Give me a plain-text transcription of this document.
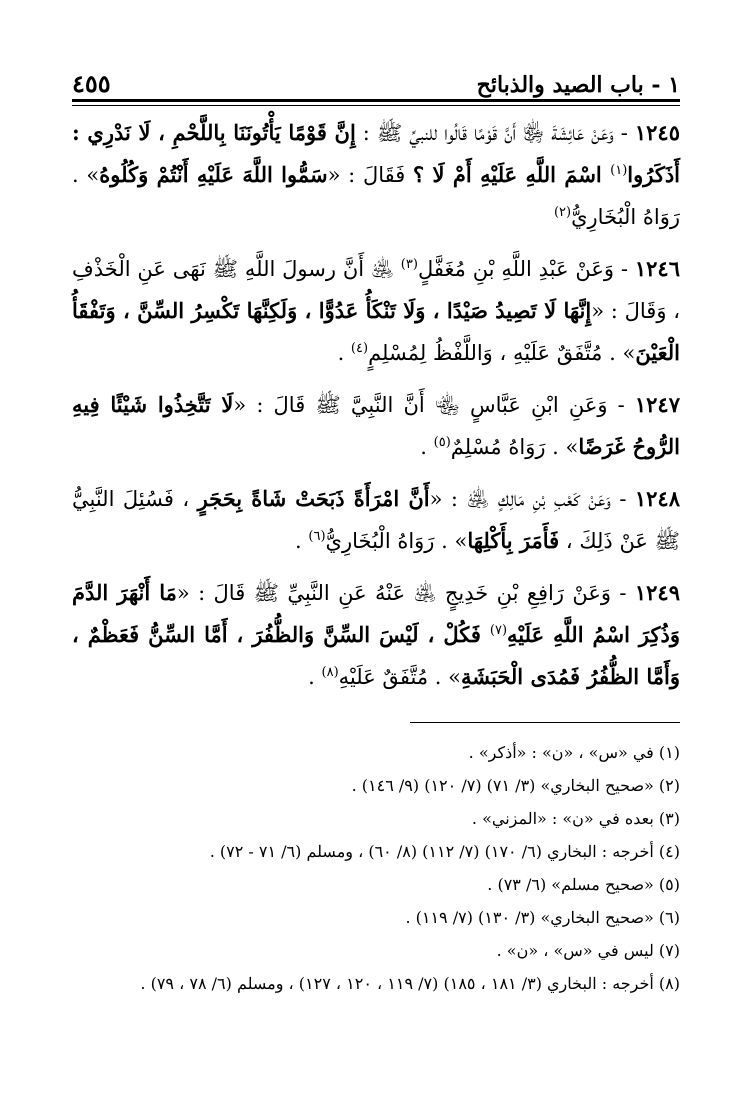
١ - باب الصيد والذبائح
٤٥٥

١٢٤٥ - وَعَنْ عَائِشَةَ ﵂ أَنَّ قَوْمًا قَالُوا للنبيِّ ﷺ : إِنَّ قَوْمًا يَأْتُونَنَا بِاللَّحْمِ ، لَا نَدْرِي : أَذَكَرُوا$^{(١)}$ اسْمَ اللَّهِ عَلَيْهِ أَمْ لَا ؟ فَقَالَ : «سَمُّوا اللَّهَ عَلَيْهِ أَنْتُمْ وَكُلُوهُ» . رَوَاهُ الْبُخَارِيُّ$^{(٢)}$

١٢٤٦ - وَعَنْ عَبْدِ اللَّهِ بْنِ مُغَفَّلٍ$^{(٣)}$ ﵁ أَنَّ رسولَ اللَّهِ ﷺ نَهَى عَنِ الْخَذْفِ ، وَقَالَ : «إِنَّهَا لَا تَصِيدُ صَيْدًا ، وَلَا تَنْكَأُ عَدُوًّا ، وَلَكِنَّهَا تَكْسِرُ السِّنَّ ، وَتَفْقَأُ الْعَيْنَ» . مُتَّفَقٌ عَلَيْهِ ، وَاللَّفْظُ لِمُسْلِمٍ$^{(٤)}$ .

١٢٤٧ - وَعَنِ ابْنِ عَبَّاسٍ ﵄ أَنَّ النَّبِيَّ ﷺ قَالَ : «لَا تَتَّخِذُوا شَيْئًا فِيهِ الرُّوحُ غَرَضًا» . رَوَاهُ مُسْلِمٌ$^{(٥)}$ .

١٢٤٨ - وَعَنْ كَعْبِ بْنِ مَالِكٍ ﵁ : «أَنَّ امْرَأَةً ذَبَحَتْ شَاةً بِحَجَرٍ ، فَسُئِلَ النَّبِيُّ ﷺ عَنْ ذَلِكَ ، فَأَمَرَ بِأَكْلِهَا» . رَوَاهُ الْبُخَارِيُّ$^{(٦)}$ .

١٢٤٩ - وَعَنْ رَافِعِ بْنِ خَدِيجٍ ﵁ عَنْهُ عَنِ النَّبِيِّ ﷺ قَالَ : «مَا أَنْهَرَ الدَّمَ وَذُكِرَ اسْمُ اللَّهِ عَلَيْهِ$^{(٧)}$ فَكُلْ ، لَيْسَ السِّنَّ وَالظُّفُرَ ، أَمَّا السِّنُّ فَعَظْمٌ ، وَأَمَّا الظُّفُرُ فَمُدَى الْحَبَشَةِ» . مُتَّفَقٌ عَلَيْهِ$^{(٨)}$ .

(١) في «س» ، «ن» : «أذكر» .
(٢) «صحيح البخاري» (٣/ ٧١) (٧/ ١٢٠) (٩/ ١٤٦) .
(٣) بعده في «ن» : «المزني» .
(٤) أخرجه : البخاري (٦/ ١٧٠) (٧/ ١١٢) (٨/ ٦٠) ، ومسلم (٦/ ٧١ - ٧٢) .
(٥) «صحيح مسلم» (٦/ ٧٣) .
(٦) «صحيح البخاري» (٣/ ١٣٠) (٧/ ١١٩) .
(٧) ليس في «س» ، «ن» .
(٨) أخرجه : البخاري (٣/ ١٨١ ، ١٨٥) (٧/ ١١٩ ، ١٢٠ ، ١٢٧) ، ومسلم (٦/ ٧٨ ، ٧٩) .
